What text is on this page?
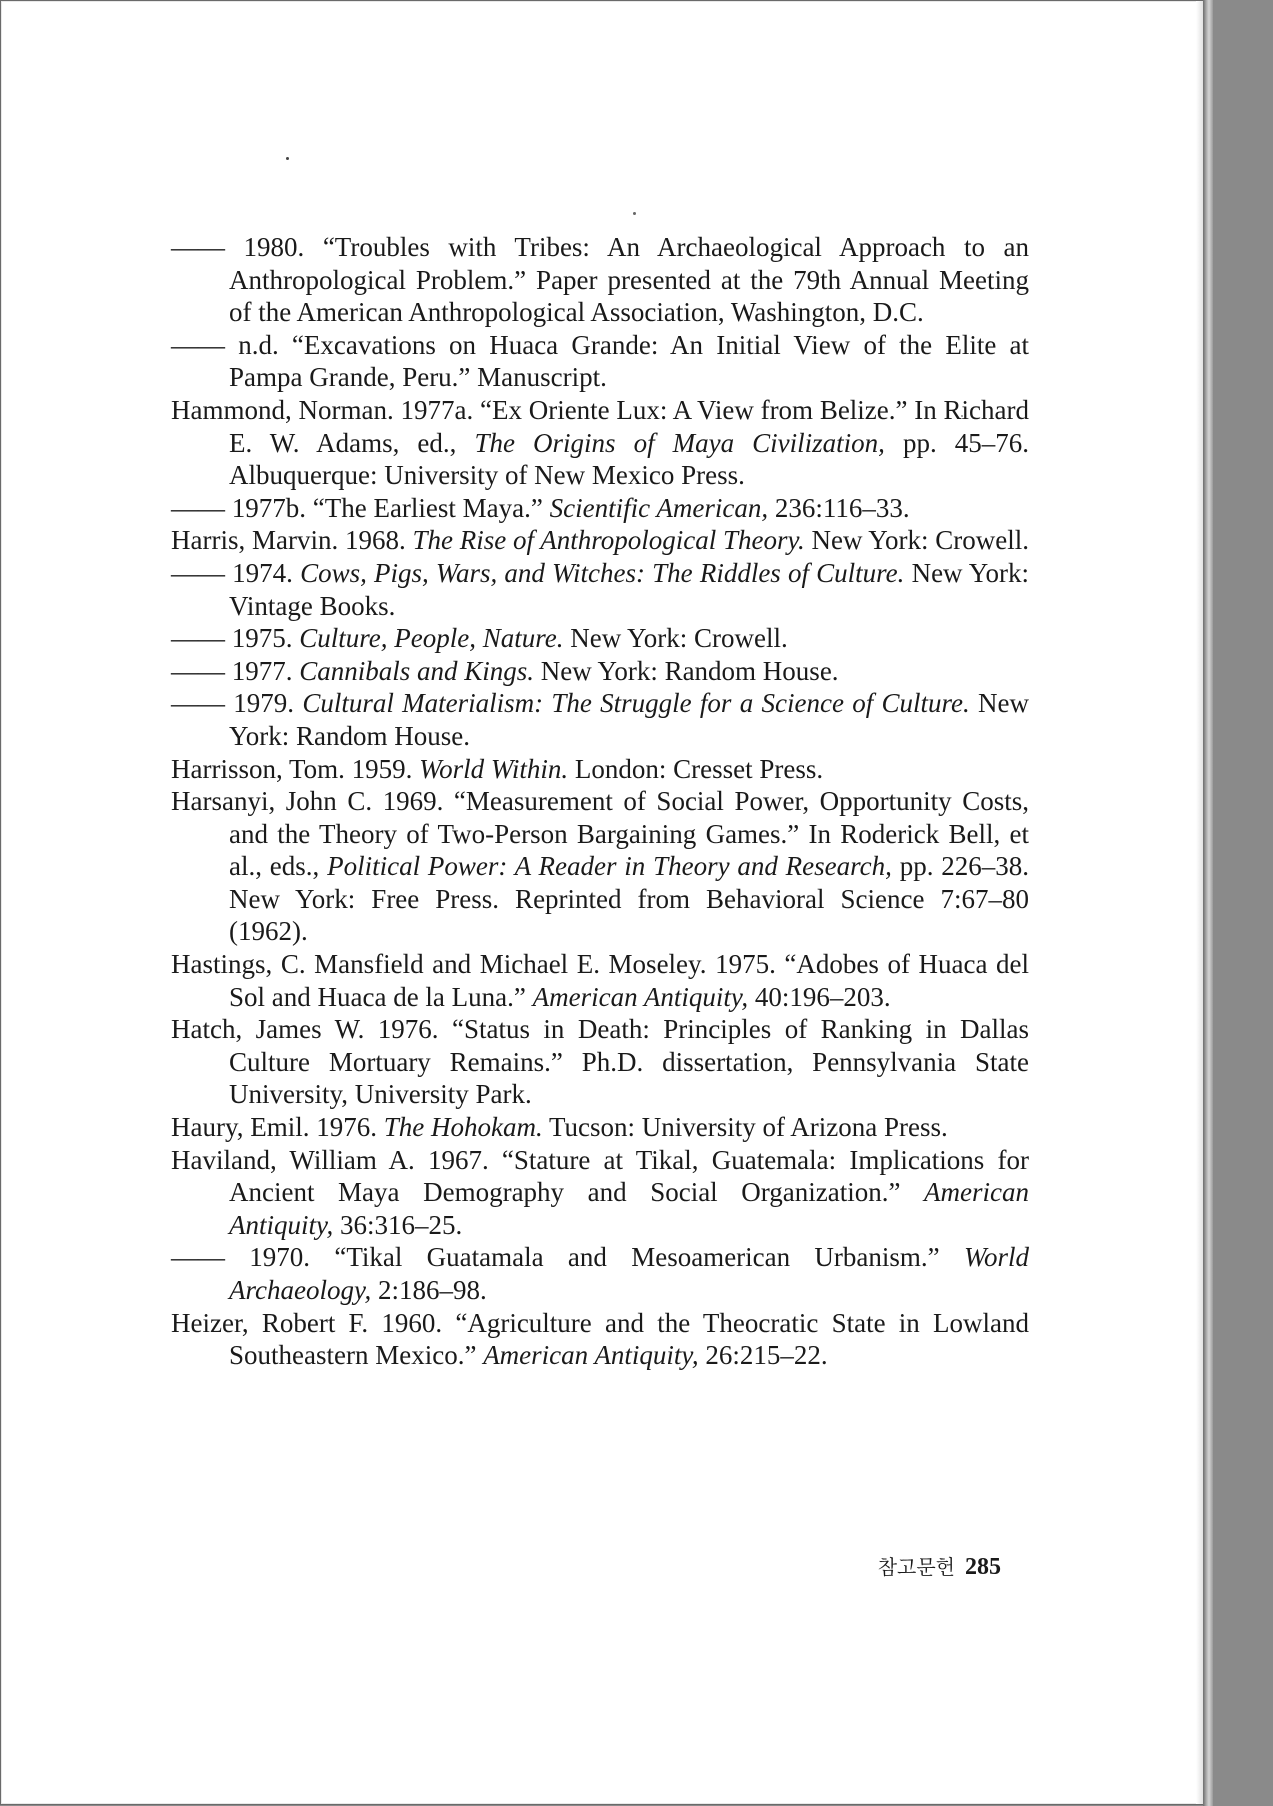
—— 1980. “Troubles with Tribes: An Archaeological Approach to an Anthropological Problem.” Paper presented at the 79th Annual Meeting of the American Anthropological Association, Washington, D.C.

—— n.d. “Excavations on Huaca Grande: An Initial View of the Elite at Pampa Grande, Peru.” Manuscript.

Hammond, Norman. 1977a. “Ex Oriente Lux: A View from Belize.” In Richard E. W. Adams, ed., The Origins of Maya Civilization, pp. 45–76. Albuquerque: University of New Mexico Press.

—— 1977b. “The Earliest Maya.” Scientific American, 236:116–33.

Harris, Marvin. 1968. The Rise of Anthropological Theory. New York: Crowell.

—— 1974. Cows, Pigs, Wars, and Witches: The Riddles of Culture. New York: Vintage Books.

—— 1975. Culture, People, Nature. New York: Crowell.

—— 1977. Cannibals and Kings. New York: Random House.

—— 1979. Cultural Materialism: The Struggle for a Science of Culture. New York: Random House.

Harrisson, Tom. 1959. World Within. London: Cresset Press.

Harsanyi, John C. 1969. “Measurement of Social Power, Opportunity Costs, and the Theory of Two-Person Bargaining Games.” In Roderick Bell, et al., eds., Political Power: A Reader in Theory and Research, pp. 226–38. New York: Free Press. Reprinted from Behavioral Science 7:67–80 (1962).

Hastings, C. Mansfield and Michael E. Moseley. 1975. “Adobes of Huaca del Sol and Huaca de la Luna.” American Antiquity, 40:196–203.

Hatch, James W. 1976. “Status in Death: Principles of Ranking in Dallas Culture Mortuary Remains.” Ph.D. dissertation, Pennsylvania State University, University Park.

Haury, Emil. 1976. The Hohokam. Tucson: University of Arizona Press.

Haviland, William A. 1967. “Stature at Tikal, Guatemala: Implications for Ancient Maya Demography and Social Organization.” American Antiquity, 36:316–25.

—— 1970. “Tikal Guatamala and Mesoamerican Urbanism.” World Archaeology, 2:186–98.

Heizer, Robert F. 1960. “Agriculture and the Theocratic State in Lowland Southeastern Mexico.” American Antiquity, 26:215–22.

참고문헌 285
